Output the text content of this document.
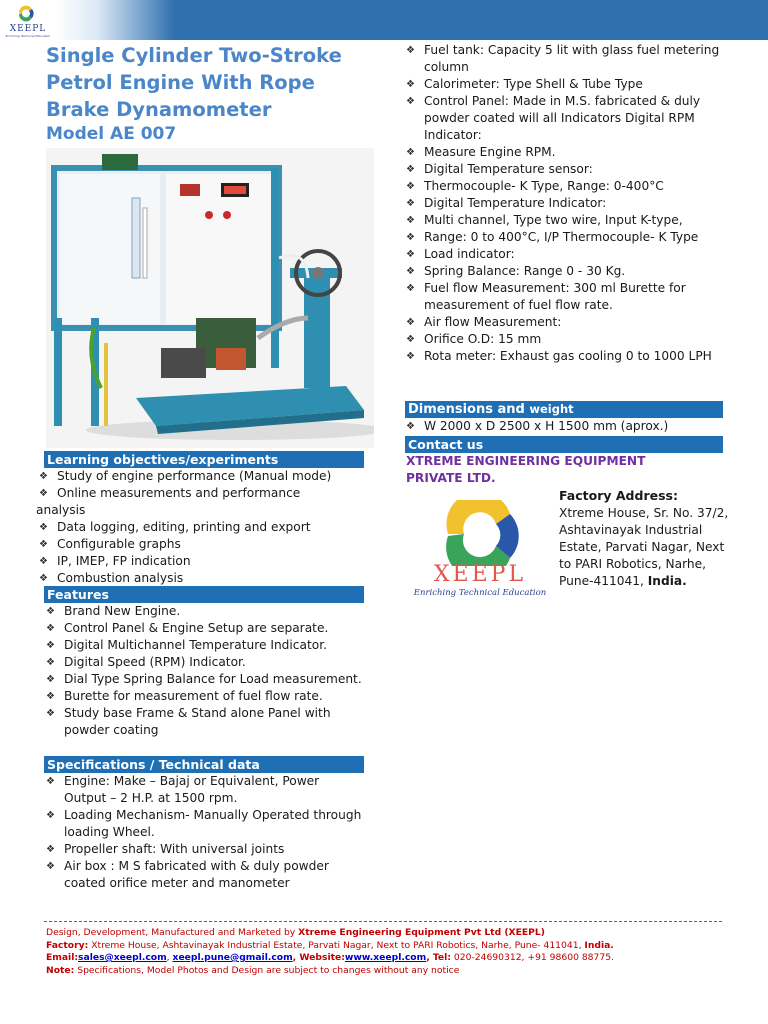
XEEPL
Enriching Technical Education
Single Cylinder Two-Stroke Petrol Engine With Rope Brake Dynamometer
Model AE 007
Learning objectives/experiments
❖ Study of engine performance (Manual mode)
❖ Online measurements and performance
analysis
❖ Data logging, editing, printing and export
❖ Configurable graphs
❖ IP, IMEP, FP indication
❖ Combustion analysis
Features
❖ Brand New Engine.
❖ Control Panel & Engine Setup are separate.
❖ Digital Multichannel Temperature Indicator.
❖ Digital Speed (RPM) Indicator.
❖ Dial Type Spring Balance for Load measurement.
❖ Burette for measurement of fuel flow rate.
❖ Study base Frame & Stand alone Panel with powder coating
Specifications / Technical data
❖ Engine: Make – Bajaj or Equivalent, Power Output – 2 H.P. at 1500 rpm.
❖ Loading Mechanism- Manually Operated through loading Wheel.
❖ Propeller shaft: With universal joints
❖ Air box : M S fabricated with & duly powder coated orifice meter and manometer
❖ Fuel tank: Capacity 5 lit with glass fuel metering column
❖ Calorimeter: Type Shell & Tube Type
❖ Control Panel: Made in M.S. fabricated & duly powder coated will all Indicators Digital RPM Indicator:
❖ Measure Engine RPM.
❖ Digital Temperature sensor:
❖ Thermocouple- K Type, Range: 0-400°C
❖ Digital Temperature Indicator:
❖ Multi channel, Type two wire, Input K-type,
❖ Range: 0 to 400°C, I/P Thermocouple- K Type
❖ Load indicator:
❖ Spring Balance: Range 0 - 30 Kg.
❖ Fuel flow Measurement: 300 ml Burette for measurement of fuel flow rate.
❖ Air flow Measurement:
❖ Orifice O.D: 15 mm
❖ Rota meter: Exhaust gas cooling 0 to 1000 LPH
Dimensions and weight
❖ W 2000 x D 2500 x H 1500 mm (aprox.)
Contact us
XTREME ENGINEERING EQUIPMENT
PRIVATE LTD.
XEEPL
Enriching Technical Education
Factory Address:
Xtreme House, Sr. No. 37/2, Ashtavinayak Industrial Estate, Parvati Nagar, Next to PARI Robotics, Narhe, Pune-411041, India.
Design, Development, Manufactured and Marketed by Xtreme Engineering Equipment Pvt Ltd (XEEPL)
Factory: Xtreme House, Ashtavinayak Industrial Estate, Parvati Nagar, Next to PARI Robotics, Narhe, Pune- 411041, India.
Email:sales@xeepl.com, xeepl.pune@gmail.com, Website:www.xeepl.com, Tel: 020-24690312, +91 98600 88775.
Note: Specifications, Model Photos and Design are subject to changes without any notice
